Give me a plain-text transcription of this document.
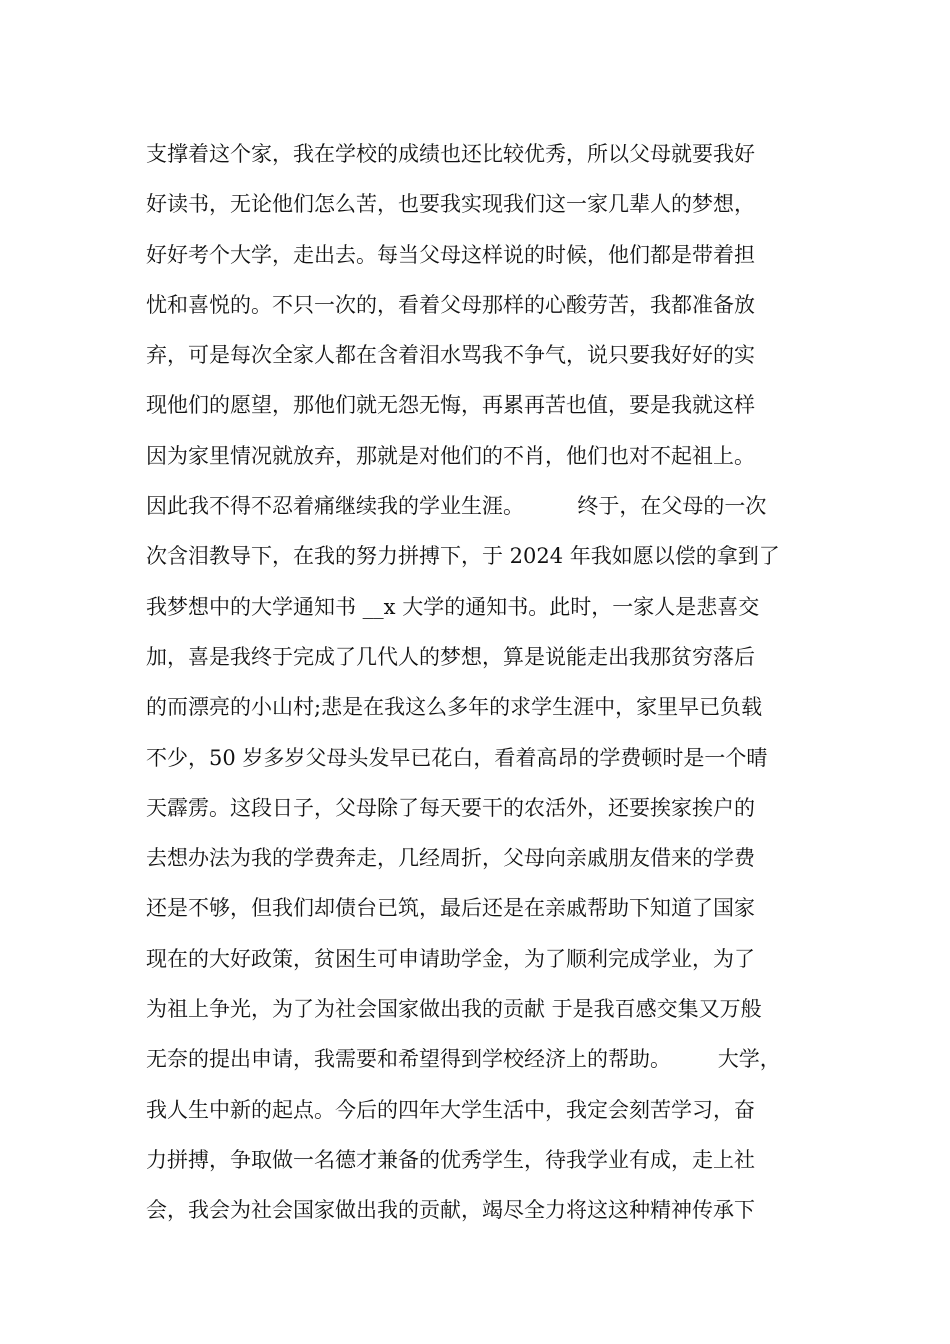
支撑着这个家，我在学校的成绩也还比较优秀，所以父母就要我好
好读书，无论他们怎么苦，也要我实现我们这一家几辈人的梦想，
好好考个大学，走出去。每当父母这样说的时候，他们都是带着担
忧和喜悦的。不只一次的，看着父母那样的心酸劳苦，我都准备放
弃，可是每次全家人都在含着泪水骂我不争气，说只要我好好的实
现他们的愿望，那他们就无怨无悔，再累再苦也值，要是我就这样
因为家里情况就放弃，那就是对他们的不肖，他们也对不起祖上。
因此我不得不忍着痛继续我的学业生涯。        终于，在父母的一次
次含泪教导下，在我的努力拼搏下，于 2024 年我如愿以偿的拿到了
我梦想中的大学通知书 __x 大学的通知书。此时，一家人是悲喜交
加，喜是我终于完成了几代人的梦想，算是说能走出我那贫穷落后
的而漂亮的小山村;悲是在我这么多年的求学生涯中，家里早已负载
不少，50 岁多岁父母头发早已花白，看着高昂的学费顿时是一个晴
天霹雳。这段日子，父母除了每天要干的农活外，还要挨家挨户的
去想办法为我的学费奔走，几经周折，父母向亲戚朋友借来的学费
还是不够，但我们却债台已筑，最后还是在亲戚帮助下知道了国家
现在的大好政策，贫困生可申请助学金，为了顺利完成学业，为了
为祖上争光，为了为社会国家做出我的贡献 于是我百感交集又万般
无奈的提出申请，我需要和希望得到学校经济上的帮助。       大学，
我人生中新的起点。今后的四年大学生活中，我定会刻苦学习，奋
力拼搏，争取做一名德才兼备的优秀学生，待我学业有成，走上社
会，我会为社会国家做出我的贡献，竭尽全力将这这种精神传承下
